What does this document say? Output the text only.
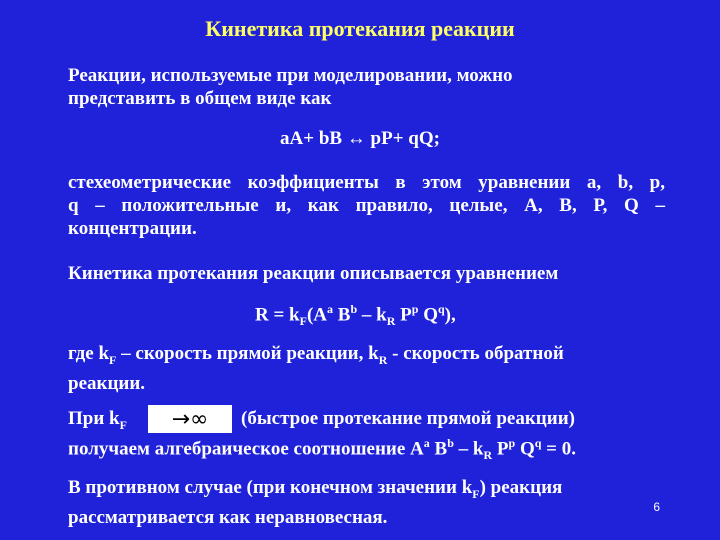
Кинетика протекания реакции
Реакции, используемые при моделировании, можно
представить в общем виде как
aA+ bB ↔ pP+ qQ;
стехеометрические коэффициенты в этом уравнении a, b, p,
q – положительные и, как правило, целые, А, В, Р, Q –
концентрации.
Кинетика протекания реакции описывается уравнением
$R = k_F(A^a$ $B^b - k_R$ $P^p$ $Q^q$),
где $k_F$ – скорость прямой реакции, $k_R$ - скорость обратной
реакции.
При $k_F$	→∞	(быстрое протекание прямой реакции)
получаем алгебраическое соотношение $A^a$ $B^b - k_R$ $P^p$ $Q^q = 0$.
В противном случае (при конечном значении $k_F$) реакция
рассматривается как неравновесная.	6
